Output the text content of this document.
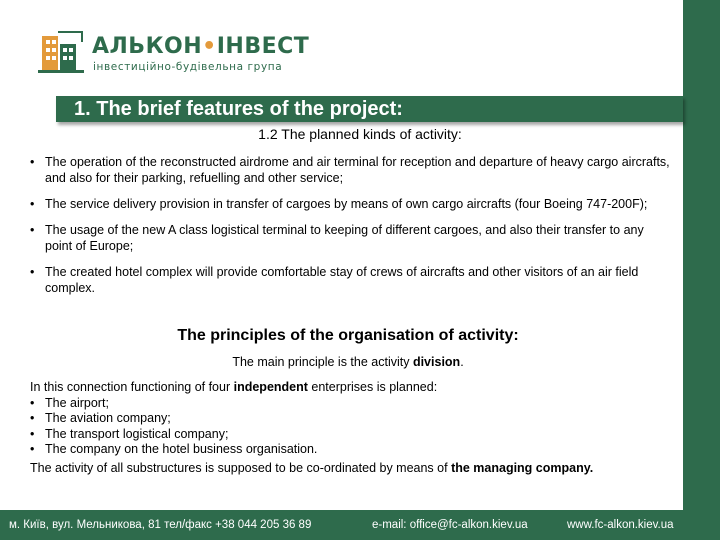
АЛЬКОН•ІНВЕСТ
інвестиційно-будівельна група
1. The brief features of the project:
1.2 The planned kinds of activity:
• The operation of the reconstructed airdrome and air terminal for reception and departure of heavy cargo aircrafts, and also for their parking, refuelling and other service;
• The service delivery provision in transfer of cargoes by means of own cargo aircrafts (four Boeing 747-200F);
• The usage of the new A class logistical terminal to keeping of different cargoes, and also their transfer to any point of Europe;
• The created hotel complex will provide comfortable stay of crews of aircrafts and other visitors of an air field complex.
The principles of the organisation of activity:
The main principle is the activity division.
In this connection functioning of four independent enterprises is planned:
• The airport;
• The aviation company;
• The transport logistical company;
• The company on the hotel business organisation.
The activity of all substructures is supposed to be co-ordinated by means of the managing company.
м. Київ, вул. Мельникова, 81 тел/факс +38 044 205 36 89	e-mail: office@fc-alkon.kiev.ua	www.fc-alkon.kiev.ua
